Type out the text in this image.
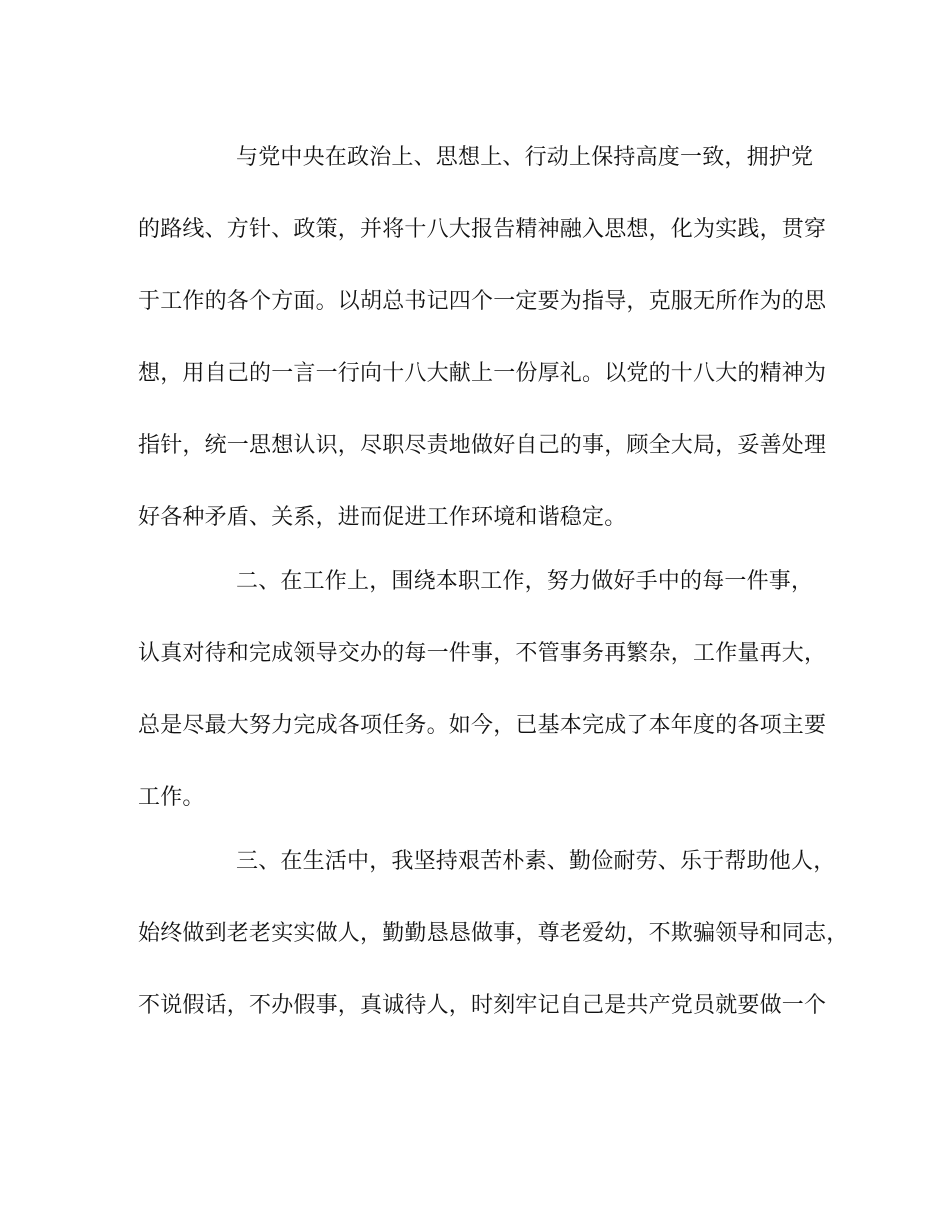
与党中央在政治上、思想上、行动上保持高度一致，拥护党
的路线、方针、政策，并将十八大报告精神融入思想，化为实践，贯穿
于工作的各个方面。以胡总书记四个一定要为指导，克服无所作为的思
想，用自己的一言一行向十八大献上一份厚礼。以党的十八大的精神为
指针，统一思想认识，尽职尽责地做好自己的事，顾全大局，妥善处理
好各种矛盾、关系，进而促进工作环境和谐稳定。
二、在工作上，围绕本职工作，努力做好手中的每一件事，
认真对待和完成领导交办的每一件事，不管事务再繁杂，工作量再大，
总是尽最大努力完成各项任务。如今，已基本完成了本年度的各项主要
工作。
三、在生活中，我坚持艰苦朴素、勤俭耐劳、乐于帮助他人，
始终做到老老实实做人，勤勤恳恳做事，尊老爱幼，不欺骗领导和同志，
不说假话，不办假事，真诚待人，时刻牢记自己是共产党员就要做一个
